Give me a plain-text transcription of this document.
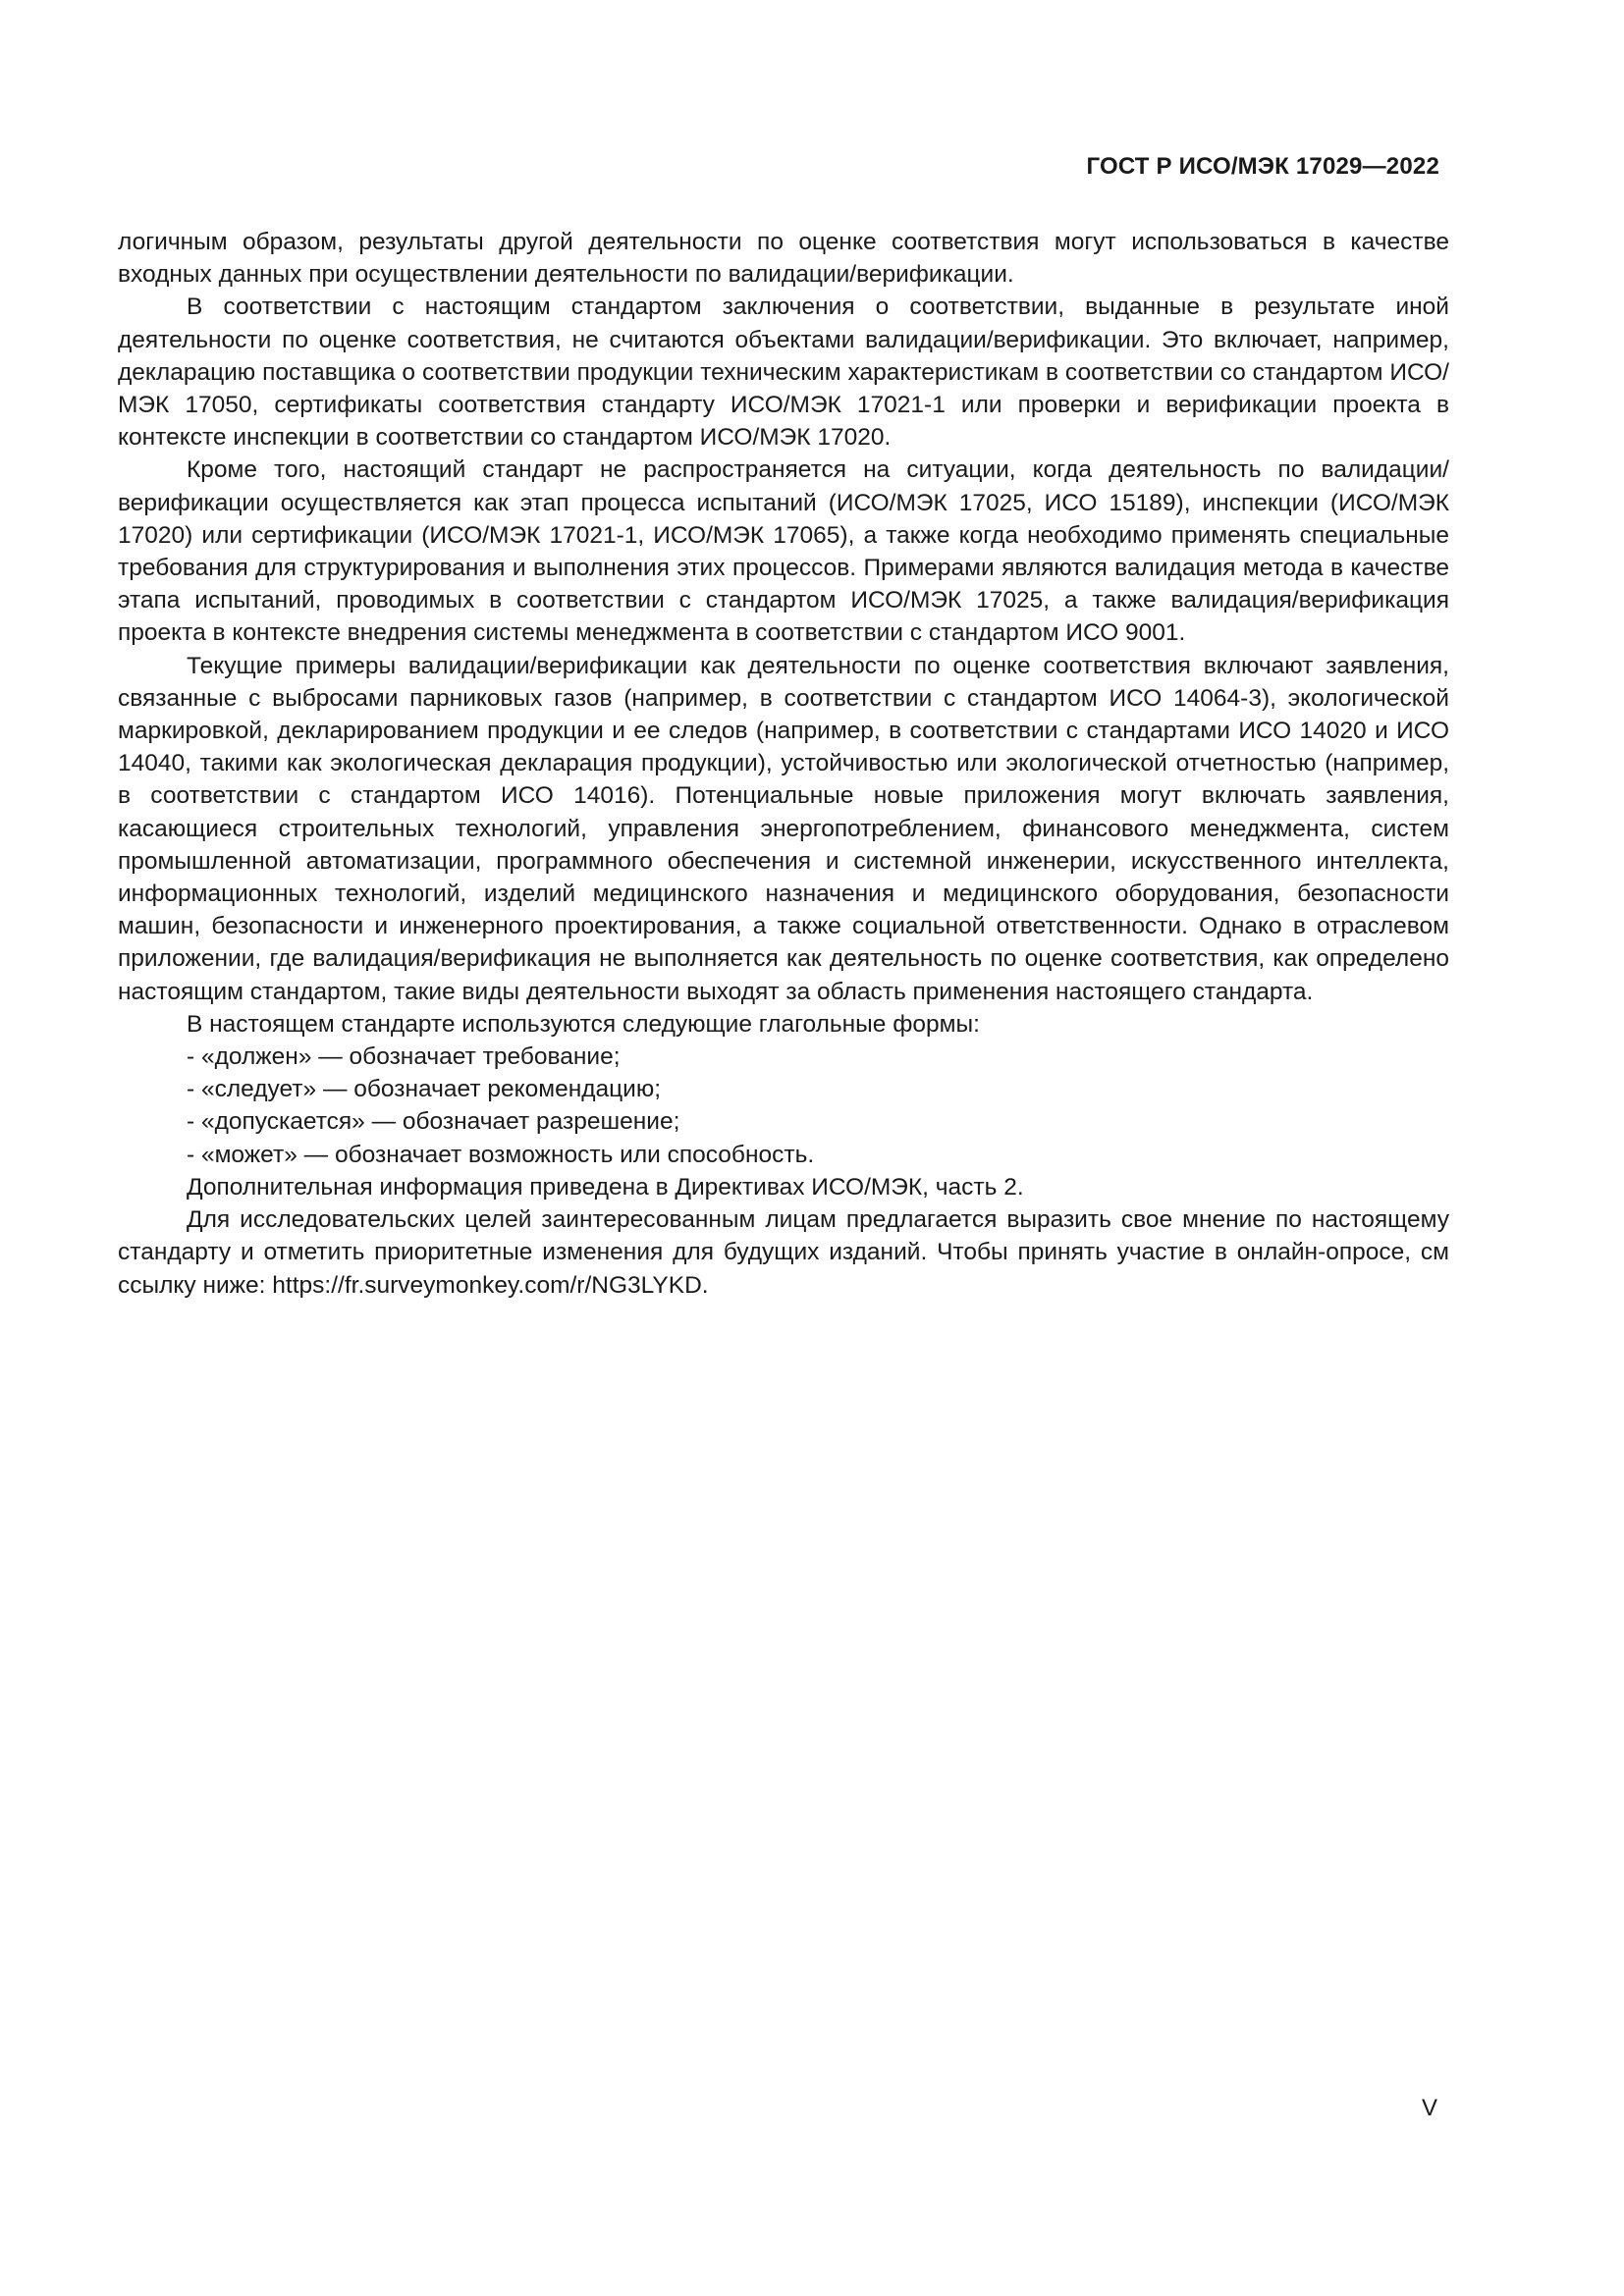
ГОСТ Р ИСО/МЭК 17029—2022

логичным образом, результаты другой деятельности по оценке соответствия могут использоваться в качестве входных данных при осуществлении деятельности по валидации/верификации.

В соответствии с настоящим стандартом заключения о соответствии, выданные в результате иной деятельности по оценке соответствия, не считаются объектами валидации/верификации. Это включает, например, декларацию поставщика о соответствии продукции техническим характеристикам в соответствии со стандартом ИСО/МЭК 17050, сертификаты соответствия стандарту ИСО/МЭК 17021-1 или проверки и верификации проекта в контексте инспекции в соответствии со стандартом ИСО/МЭК 17020.

Кроме того, настоящий стандарт не распространяется на ситуации, когда деятельность по валидации/верификации осуществляется как этап процесса испытаний (ИСО/МЭК 17025, ИСО 15189), инспекции (ИСО/МЭК 17020) или сертификации (ИСО/МЭК 17021-1, ИСО/МЭК 17065), а также когда необходимо применять специальные требования для структурирования и выполнения этих процессов. Примерами являются валидация метода в качестве этапа испытаний, проводимых в соответствии с стандартом ИСО/МЭК 17025, а также валидация/верификация проекта в контексте внедрения системы менеджмента в соответствии с стандартом ИСО 9001.

Текущие примеры валидации/верификации как деятельности по оценке соответствия включают заявления, связанные с выбросами парниковых газов (например, в соответствии с стандартом ИСО 14064-3), экологической маркировкой, декларированием продукции и ее следов (например, в соответствии с стандартами ИСО 14020 и ИСО 14040, такими как экологическая декларация продукции), устойчивостью или экологической отчетностью (например, в соответствии с стандартом ИСО 14016). Потенциальные новые приложения могут включать заявления, касающиеся строительных технологий, управления энергопотреблением, финансового менеджмента, систем промышленной автоматизации, программного обеспечения и системной инженерии, искусственного интеллекта, информационных технологий, изделий медицинского назначения и медицинского оборудования, безопасности машин, безопасности и инженерного проектирования, а также социальной ответственности. Однако в отраслевом приложении, где валидация/верификация не выполняется как деятельность по оценке соответствия, как определено настоящим стандартом, такие виды деятельности выходят за область применения настоящего стандарта.

В настоящем стандарте используются следующие глагольные формы:

- «должен» — обозначает требование;
- «следует» — обозначает рекомендацию;
- «допускается» — обозначает разрешение;
- «может» — обозначает возможность или способность.

Дополнительная информация приведена в Директивах ИСО/МЭК, часть 2.

Для исследовательских целей заинтересованным лицам предлагается выразить свое мнение по настоящему стандарту и отметить приоритетные изменения для будущих изданий. Чтобы принять участие в онлайн-опросе, см ссылку ниже: https://fr.surveymonkey.com/r/NG3LYKD.

V
